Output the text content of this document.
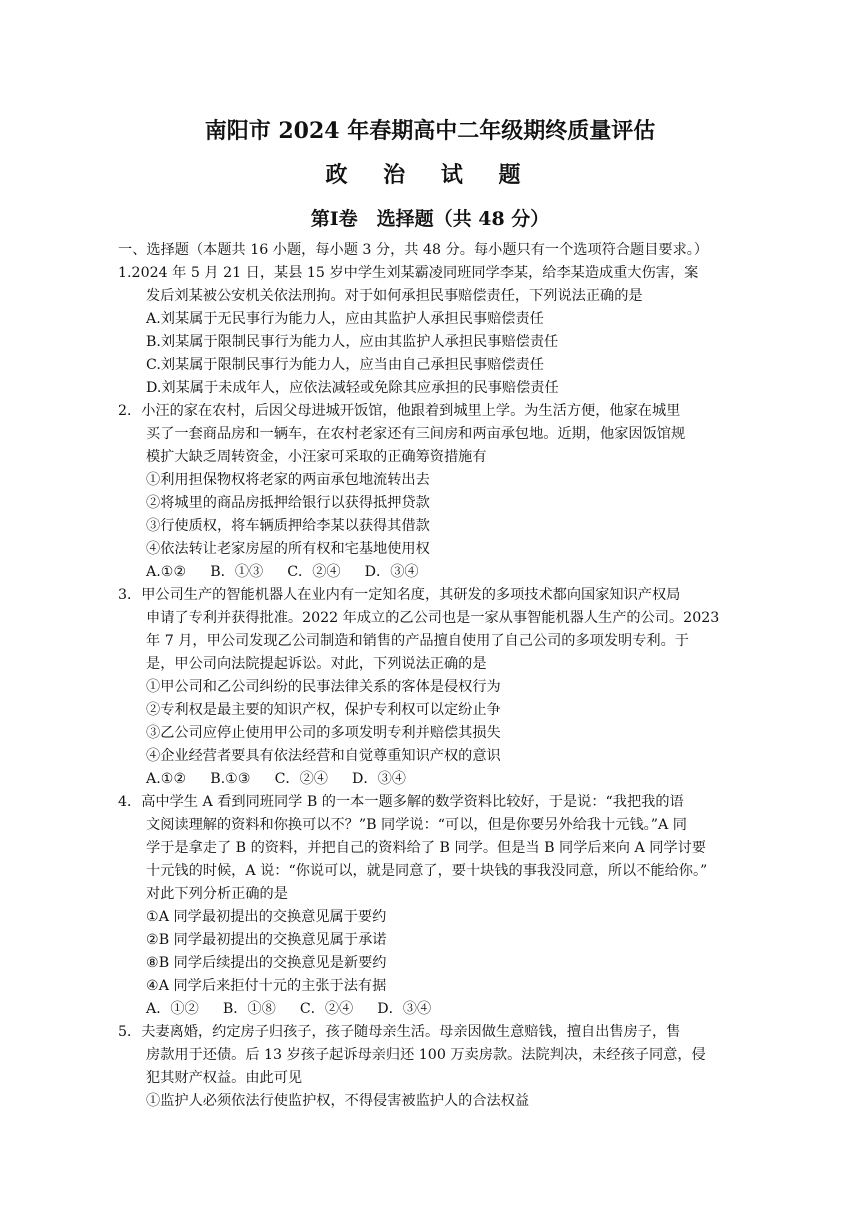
南阳市 2024 年春期高中二年级期终质量评估
政 治 试 题
第Ⅰ卷　选择题（共 48 分）
一、选择题（本题共 16 小题，每小题 3 分，共 48 分。每小题只有一个选项符合题目要求。）
1.2024 年 5 月 21 日，某县 15 岁中学生刘某霸凌同班同学李某，给李某造成重大伤害，案
发后刘某被公安机关依法刑拘。对于如何承担民事赔偿责任，下列说法正确的是
A.刘某属于无民事行为能力人，应由其监护人承担民事赔偿责任
B.刘某属于限制民事行为能力人，应由其监护人承担民事赔偿责任
C.刘某属于限制民事行为能力人，应当由自己承担民事赔偿责任
D.刘某属于未成年人，应依法减轻或免除其应承担的民事赔偿责任
2．小汪的家在农村，后因父母进城开饭馆，他跟着到城里上学。为生活方便，他家在城里
买了一套商品房和一辆车，在农村老家还有三间房和两亩承包地。近期，他家因饭馆规
模扩大缺乏周转资金，小汪家可采取的正确筹资措施有
①利用担保物权将老家的两亩承包地流转出去
②将城里的商品房抵押给银行以获得抵押贷款
③行使质权，将车辆质押给李某以获得其借款
④依法转让老家房屋的所有权和宅基地使用权
A.①② B．①③ C．②④ D．③④
3．甲公司生产的智能机器人在业内有一定知名度，其研发的多项技术都向国家知识产权局
申请了专利并获得批准。2022 年成立的乙公司也是一家从事智能机器人生产的公司。2023
年 7 月，甲公司发现乙公司制造和销售的产品擅自使用了自己公司的多项发明专利。于
是，甲公司向法院提起诉讼。对此，下列说法正确的是
①甲公司和乙公司纠纷的民事法律关系的客体是侵权行为
②专利权是最主要的知识产权，保护专利权可以定纷止争
③乙公司应停止使用甲公司的多项发明专利并赔偿其损失
④企业经营者要具有依法经营和自觉尊重知识产权的意识
A.①② B.①③ C．②④ D．③④
4．高中学生 A 看到同班同学 B 的一本一题多解的数学资料比较好，于是说：“我把我的语
文阅读理解的资料和你换可以不？”B 同学说：“可以，但是你要另外给我十元钱。”A 同
学于是拿走了 B 的资料，并把自己的资料给了 B 同学。但是当 B 同学后来向 A 同学讨要
十元钱的时候，A 说：“你说可以，就是同意了，要十块钱的事我没同意，所以不能给你。”
对此下列分析正确的是
①A 同学最初提出的交换意见属于要约
②B 同学最初提出的交换意见属于承诺
⑧B 同学后续提出的交换意见是新要约
④A 同学后来拒付十元的主张于法有据
A．①② B．①⑧ C．②④ D．③④
5．夫妻离婚，约定房子归孩子，孩子随母亲生活。母亲因做生意赔钱，擅自出售房子，售
房款用于还债。后 13 岁孩子起诉母亲归还 100 万卖房款。法院判决，未经孩子同意，侵
犯其财产权益。由此可见
①监护人必须依法行使监护权，不得侵害被监护人的合法权益
